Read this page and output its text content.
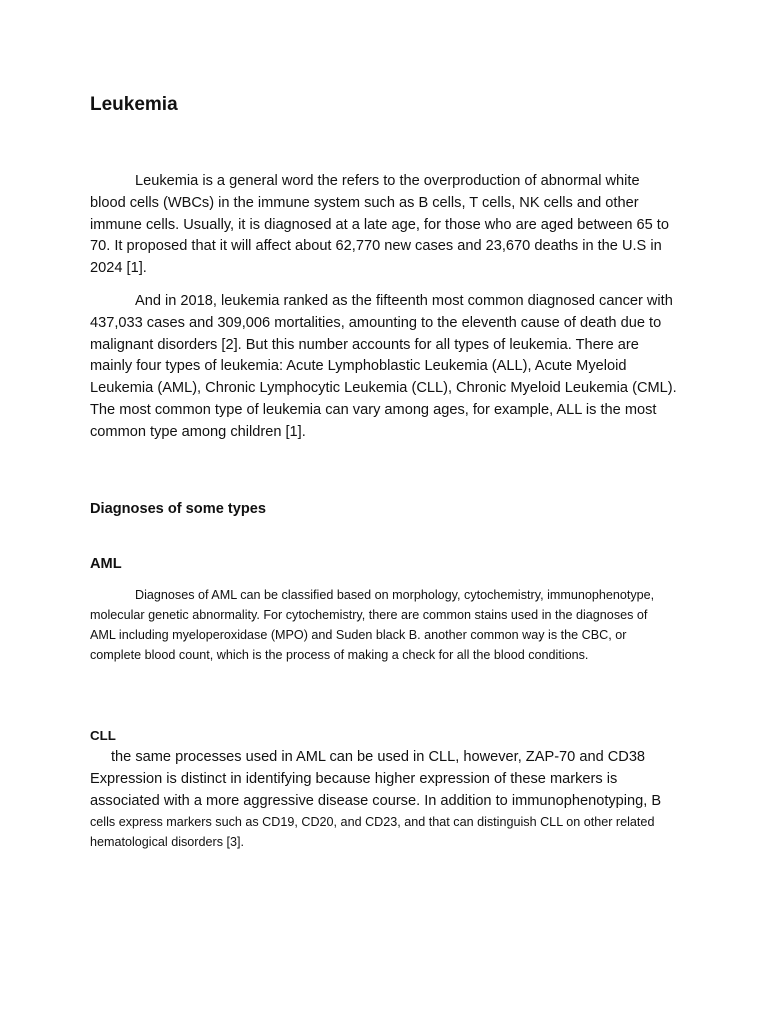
Leukemia

Leukemia is a general word the refers to the overproduction of abnormal white blood cells (WBCs) in the immune system such as B cells, T cells, NK cells and other immune cells. Usually, it is diagnosed at a late age, for those who are aged between 65 to 70. It proposed that it will affect about 62,770 new cases and 23,670 deaths in the U.S in 2024 [1].

And in 2018, leukemia ranked as the fifteenth most common diagnosed cancer with 437,033 cases and 309,006 mortalities, amounting to the eleventh cause of death due to malignant disorders [2]. But this number accounts for all types of leukemia. There are mainly four types of leukemia: Acute Lymphoblastic Leukemia (ALL), Acute Myeloid Leukemia (AML), Chronic Lymphocytic Leukemia (CLL), Chronic Myeloid Leukemia (CML). The most common type of leukemia can vary among ages, for example, ALL is the most common type among children [1].

Diagnoses of some types
AML

Diagnoses of AML can be classified based on morphology, cytochemistry, immunophenotype, molecular genetic abnormality. For cytochemistry, there are common stains used in the diagnoses of AML including myeloperoxidase (MPO) and Suden black B. another common way is the CBC, or complete blood count, which is the process of making a check for all the blood conditions.

CLL
the same processes used in AML can be used in CLL, however, ZAP-70 and CD38
Expression is distinct in identifying because higher expression of these markers is
associated with a more aggressive disease course. In addition to immunophenotyping, B
cells express markers such as CD19, CD20, and CD23, and that can distinguish CLL on other related hematological disorders [3].
